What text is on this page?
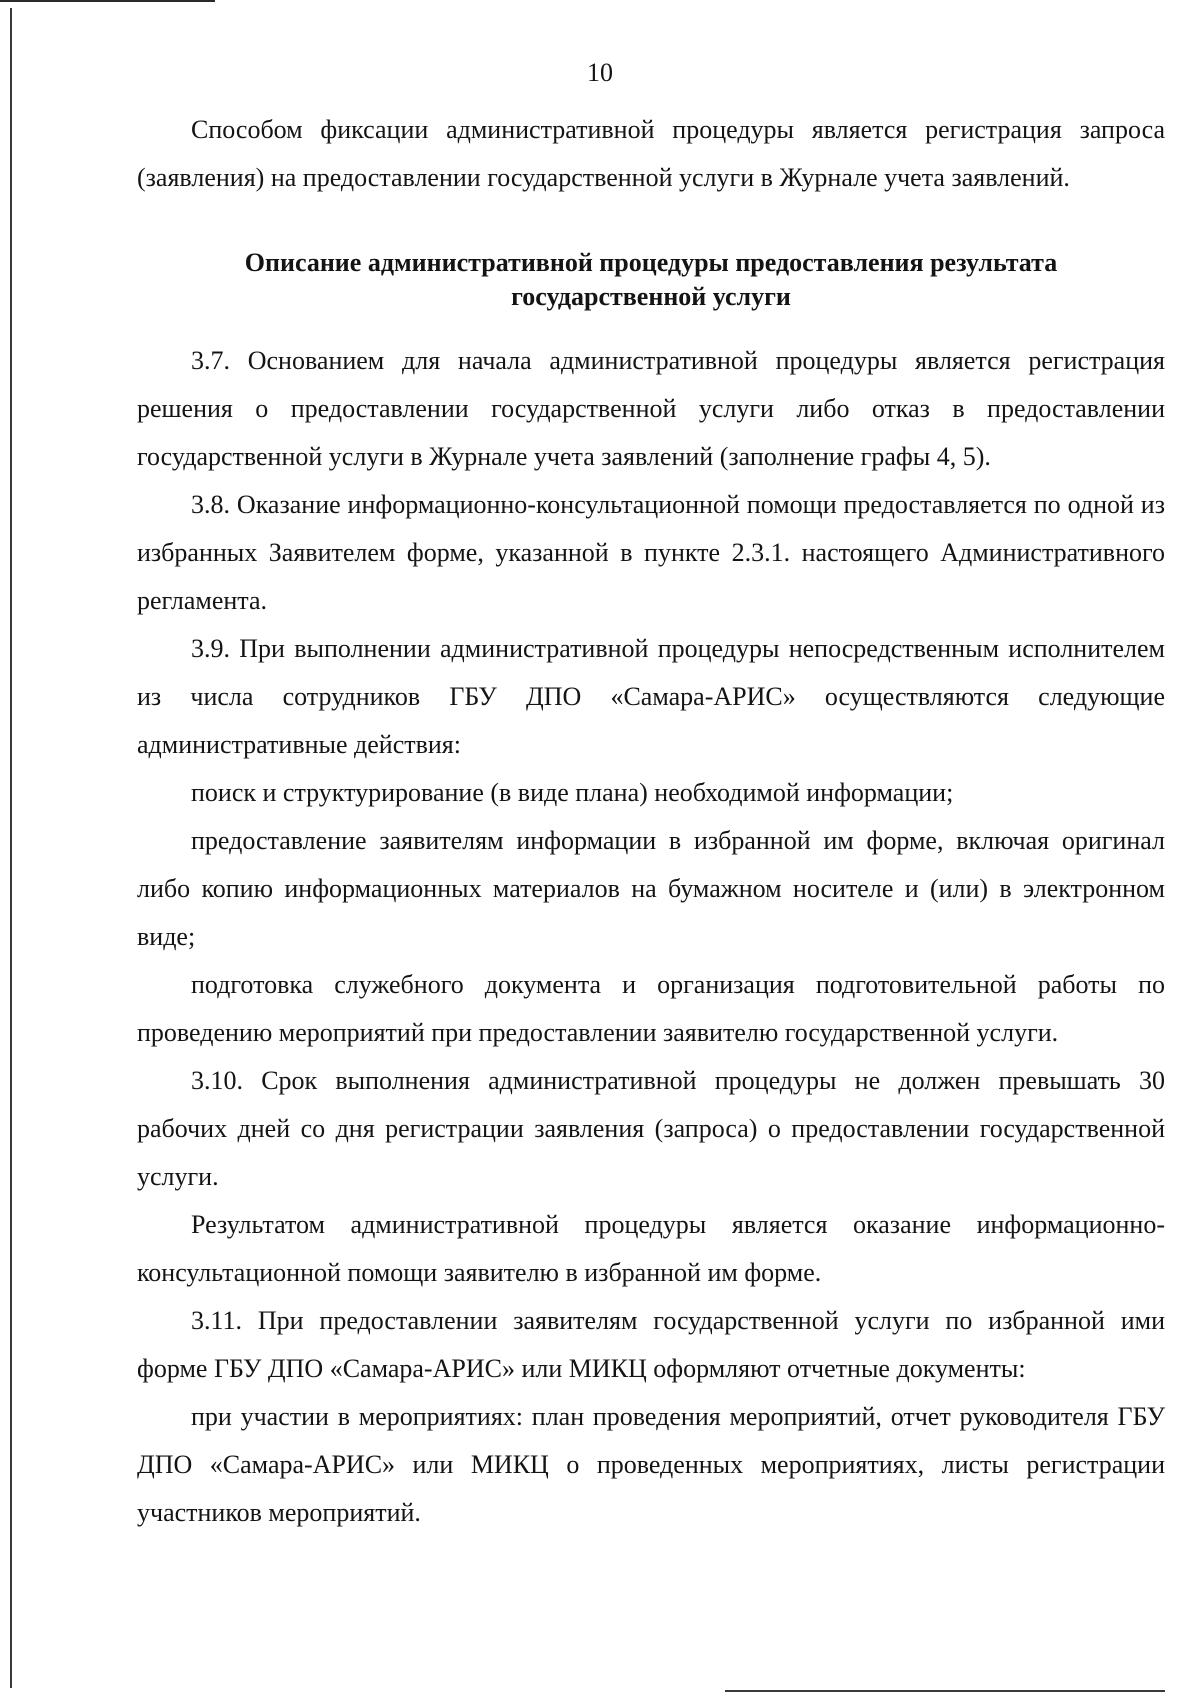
10

Способом фиксации административной процедуры является регистрация запроса (заявления) на предоставлении государственной услуги в Журнале учета заявлений.

Описание административной процедуры предоставления результата
государственной услуги

3.7. Основанием для начала административной процедуры является регистрация решения о предоставлении государственной услуги либо отказ в предоставлении государственной услуги в Журнале учета заявлений (заполнение графы 4, 5).

3.8. Оказание информационно-консультационной помощи предоставляется по одной из избранных Заявителем форме, указанной в пункте 2.3.1. настоящего Административного регламента.

3.9. При выполнении административной процедуры непосредственным исполнителем из числа сотрудников ГБУ ДПО «Самара-АРИС» осуществляются следующие административные действия:

поиск и структурирование (в виде плана) необходимой информации;

предоставление заявителям информации в избранной им форме, включая оригинал либо копию информационных материалов на бумажном носителе и (или) в электронном виде;

подготовка служебного документа и организация подготовительной работы по проведению мероприятий при предоставлении заявителю государственной услуги.

3.10. Срок выполнения административной процедуры не должен превышать 30 рабочих дней со дня регистрации заявления (запроса) о предоставлении государственной услуги.

Результатом административной процедуры является оказание информационно-консультационной помощи заявителю в избранной им форме.

3.11. При предоставлении заявителям государственной услуги по избранной ими форме ГБУ ДПО «Самара-АРИС» или МИКЦ оформляют отчетные документы:

при участии в мероприятиях: план проведения мероприятий, отчет руководителя ГБУ ДПО «Самара-АРИС» или МИКЦ о проведенных мероприятиях, листы регистрации участников мероприятий.
